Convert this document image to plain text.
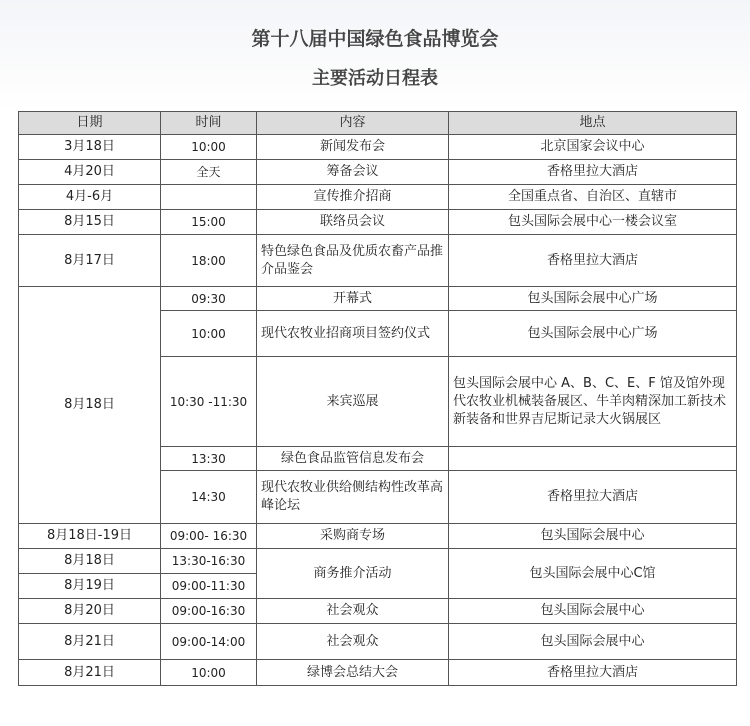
第十八届中国绿色食品博览会
主要活动日程表
日期	时间	内容	地点
3月18日	10:00	新闻发布会	北京国家会议中心
4月20日	全天	筹备会议	香格里拉大酒店
4月-6月		宣传推介招商	全国重点省、自治区、直辖市
8月15日	15:00	联络员会议	包头国际会展中心一楼会议室
8月17日	18:00	特色绿色食品及优质农畜产品推介品鉴会	香格里拉大酒店
8月18日	09:30	开幕式	包头国际会展中心广场
	10:00	现代农牧业招商项目签约仪式	包头国际会展中心广场
	10:30 -11:30	来宾巡展	包头国际会展中心 A、B、C、E、F 馆及馆外现代农牧业机械装备展区、牛羊肉精深加工新技术新装备和世界吉尼斯记录大火锅展区
	13:30	绿色食品监管信息发布会	
	14:30	现代农牧业供给侧结构性改革高峰论坛	香格里拉大酒店
8月18日-19日	09:00- 16:30	采购商专场	包头国际会展中心
8月18日	13:30-16:30	商务推介活动	包头国际会展中心C馆
8月19日	09:00-11:30		
8月20日	09:00-16:30	社会观众	包头国际会展中心
8月21日	09:00-14:00	社会观众	包头国际会展中心
8月21日	10:00	绿博会总结大会	香格里拉大酒店
